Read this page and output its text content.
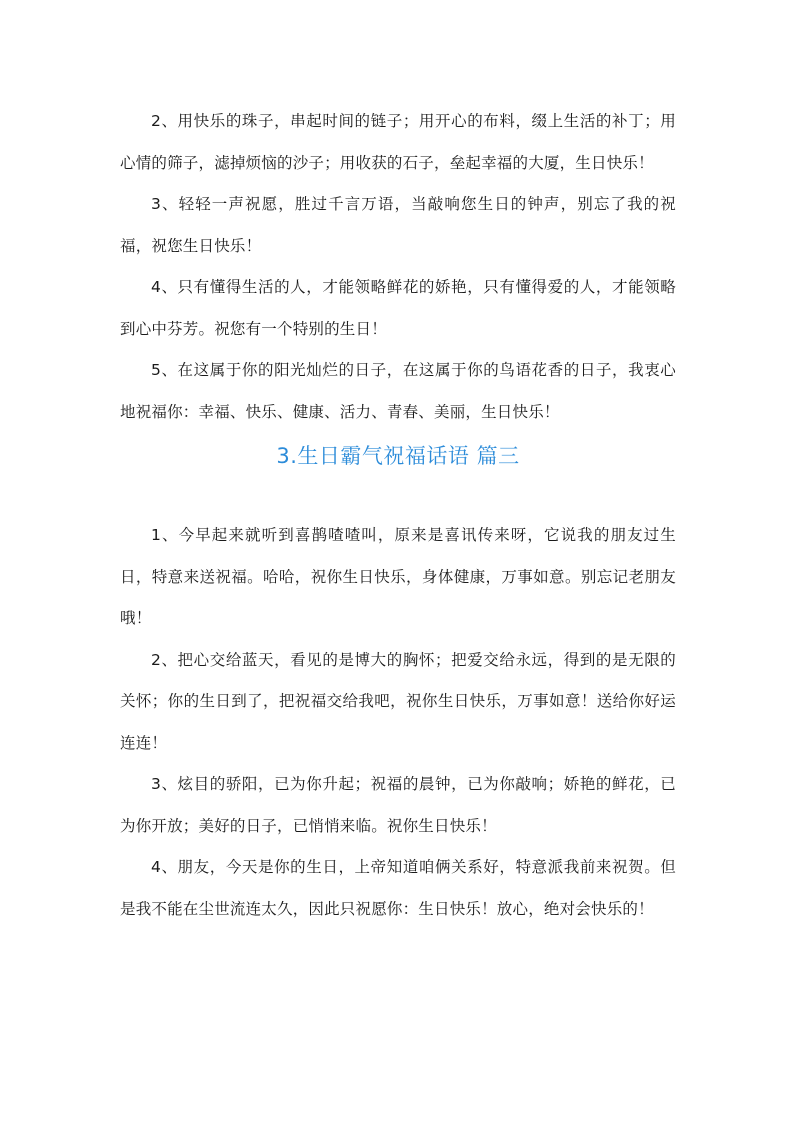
2、用快乐的珠子，串起时间的链子；用开心的布料，缀上生活的补丁；用心情的筛子，滤掉烦恼的沙子；用收获的石子，垒起幸福的大厦，生日快乐！

3、轻轻一声祝愿，胜过千言万语，当敲响您生日的钟声，别忘了我的祝福，祝您生日快乐！

4、只有懂得生活的人，才能领略鲜花的娇艳，只有懂得爱的人，才能领略到心中芬芳。祝您有一个特别的生日！

5、在这属于你的阳光灿烂的日子，在这属于你的鸟语花香的日子，我衷心地祝福你：幸福、快乐、健康、活力、青春、美丽，生日快乐！

3.生日霸气祝福话语 篇三

1、今早起来就听到喜鹊喳喳叫，原来是喜讯传来呀，它说我的朋友过生日，特意来送祝福。哈哈，祝你生日快乐，身体健康，万事如意。别忘记老朋友哦！

2、把心交给蓝天，看见的是博大的胸怀；把爱交给永远，得到的是无限的关怀；你的生日到了，把祝福交给我吧，祝你生日快乐，万事如意！送给你好运连连！

3、炫目的骄阳，已为你升起；祝福的晨钟，已为你敲响；娇艳的鲜花，已为你开放；美好的日子，已悄悄来临。祝你生日快乐！

4、朋友，今天是你的生日，上帝知道咱俩关系好，特意派我前来祝贺。但是我不能在尘世流连太久，因此只祝愿你：生日快乐！放心，绝对会快乐的！
